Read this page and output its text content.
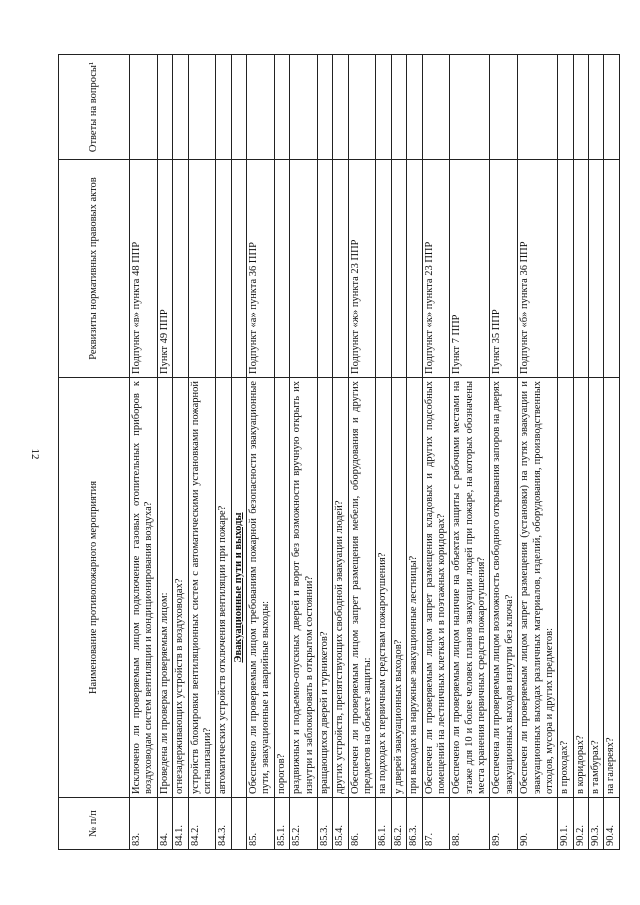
12
№ п/п	Наименование противопожарного мероприятия	Реквизиты нормативных правовых актов	Ответы на вопросы¹
83.	Исключено ли проверяемым лицом подключение газовых отопительных приборов к воздуховодам систем вентиляции и кондиционирования воздуха?	Подпункт «в» пункта 48 ППР	
84.	Проведена ли проверка проверяемым лицом:	Пункт 49 ППР	
84.1.	огнезадерживающих устройств в воздуховодах?		
84.2.	устройств блокировки вентиляционных систем с автоматическими установками пожарной сигнализации?		
84.3.	автоматических устройств отключения вентиляции при пожаре?		
	Эвакуационные пути и выходы		
85.	Обеспечено ли проверяемым лицом требованиям пожарной безопасности эвакуационные пути, эвакуационные и аварийные выходы:	Подпункт «а» пункта 36 ППР	
85.1.	порогов?		
85.2.	раздвижных и подъемно-опускных дверей и ворот без возможности вручную открыть их изнутри и заблокировать в открытом состоянии?		
85.3.	вращающихся дверей и турникетов?		
85.4.	других устройств, препятствующих свободной эвакуации людей?		
86.	Обеспечен ли проверяемым лицом запрет размещения мебели, оборудования и других предметов на объекте защиты:	Подпункт «ж» пункта 23 ППР	
86.1.	на подходах к первичным средствам пожаротушения?		
86.2.	у дверей эвакуационных выходов?		
86.3.	при выходах на наружные эвакуационные лестницы?		
87.	Обеспечен ли проверяемым лицом запрет размещения кладовых и других подсобных помещений на лестничных клетках и в поэтажных коридорах?	Подпункт «к» пункта 23 ППР	
88.	Обеспечено ли проверяемым лицом наличие на объектах защиты с рабочими местами на этаже для 10 и более человек планов эвакуации людей при пожаре, на которых обозначены места хранения первичных средств пожаротушения?	Пункт 7 ППР	
89.	Обеспечена ли проверяемым лицом возможность свободного открывания запоров на дверях эвакуационных выходов изнутри без ключа?	Пункт 35 ППР	
90.	Обеспечен ли проверяемым лицом запрет размещения (установки) на путях эвакуации и эвакуационных выходах различных материалов, изделий, оборудования, производственных отходов, мусора и других предметов:	Подпункт «б» пункта 36 ППР	
90.1.	в проходах?		
90.2.	в коридорах?		
90.3.	в тамбурах?		
90.4.	на галереях?		
